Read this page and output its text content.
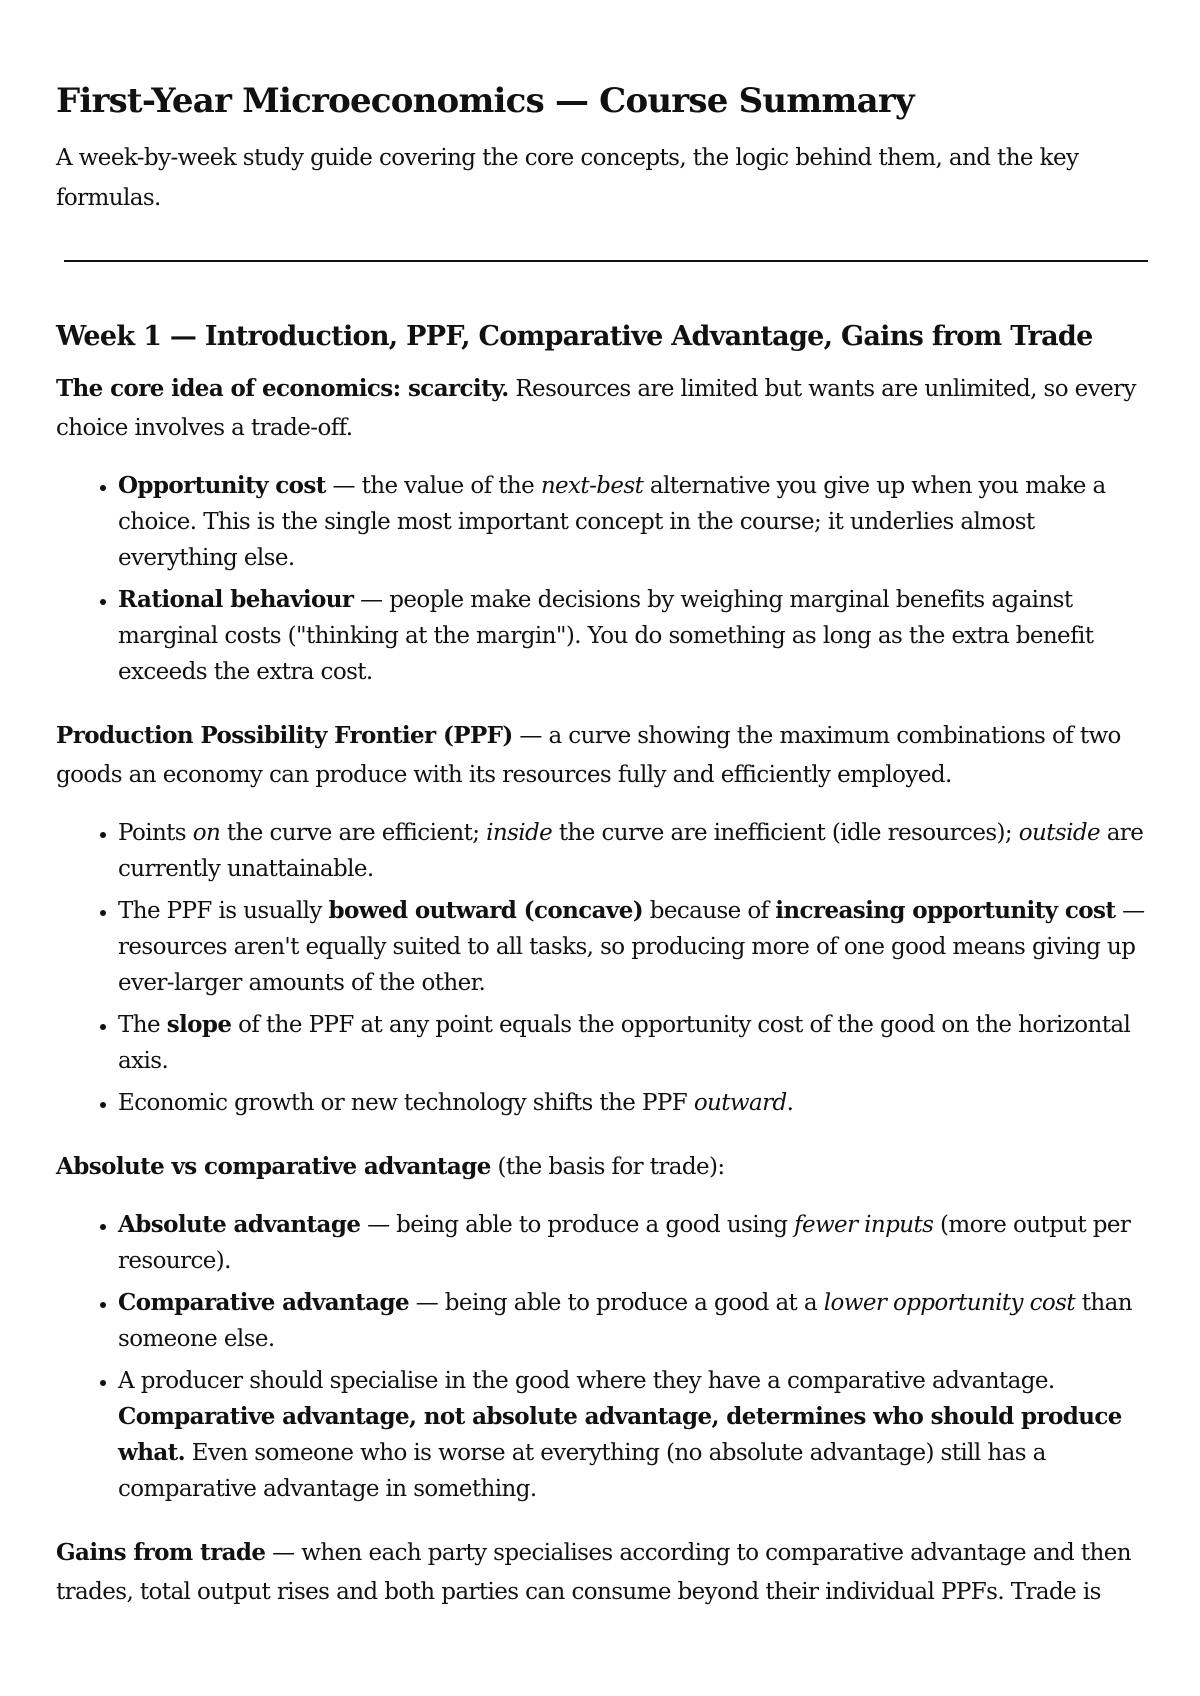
First-Year Microeconomics — Course Summary

A week-by-week study guide covering the core concepts, the logic behind them, and the key formulas.

Week 1 — Introduction, PPF, Comparative Advantage, Gains from Trade

The core idea of economics: scarcity. Resources are limited but wants are unlimited, so every choice involves a trade-off.

• Opportunity cost — the value of the next-best alternative you give up when you make a choice. This is the single most important concept in the course; it underlies almost everything else.
• Rational behaviour — people make decisions by weighing marginal benefits against marginal costs ("thinking at the margin"). You do something as long as the extra benefit exceeds the extra cost.

Production Possibility Frontier (PPF) — a curve showing the maximum combinations of two goods an economy can produce with its resources fully and efficiently employed.

• Points on the curve are efficient; inside the curve are inefficient (idle resources); outside are currently unattainable.
• The PPF is usually bowed outward (concave) because of increasing opportunity cost — resources aren't equally suited to all tasks, so producing more of one good means giving up ever-larger amounts of the other.
• The slope of the PPF at any point equals the opportunity cost of the good on the horizontal axis.
• Economic growth or new technology shifts the PPF outward.

Absolute vs comparative advantage (the basis for trade):

• Absolute advantage — being able to produce a good using fewer inputs (more output per resource).
• Comparative advantage — being able to produce a good at a lower opportunity cost than someone else.
• A producer should specialise in the good where they have a comparative advantage. Comparative advantage, not absolute advantage, determines who should produce what. Even someone who is worse at everything (no absolute advantage) still has a comparative advantage in something.

Gains from trade — when each party specialises according to comparative advantage and then trades, total output rises and both parties can consume beyond their individual PPFs. Trade is
